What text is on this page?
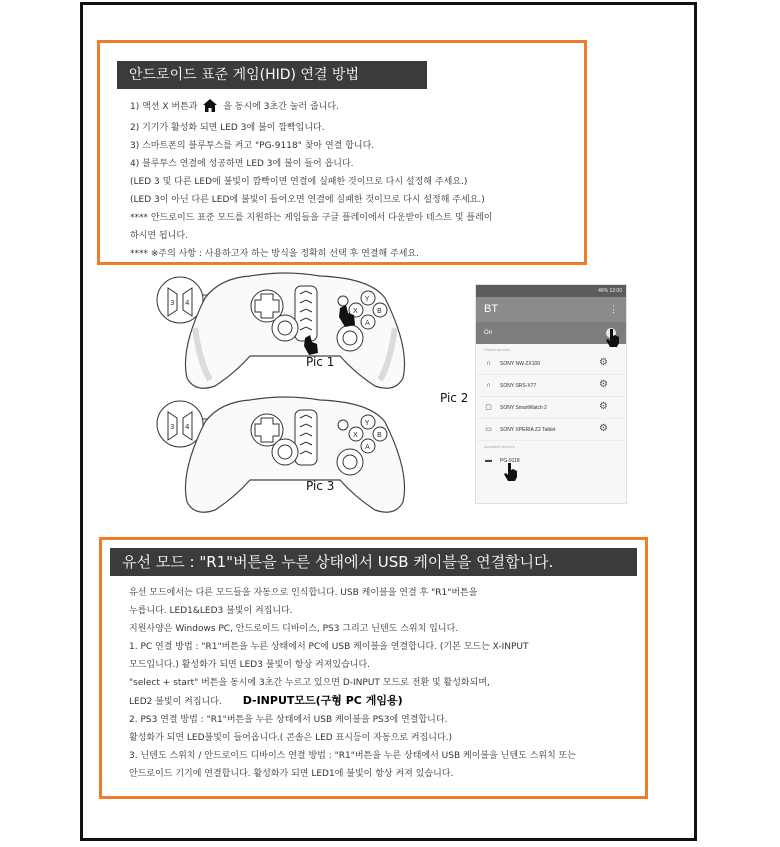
안드로이드 표준 게임(HID) 연결 방법
1) 액션 X 버튼과	을 동시에 3초간 눌러 줍니다.
2) 기기가 활성화 되면 LED 3에 불이 깜빡입니다.
3) 스마트폰의 블루투스를 켜고 "PG-9118" 찾아 연결 합니다.
4) 블루투스 연결에 성공하면 LED 3에 불이 들어 옵니다.
(LED 3 및 다른 LED에 불빛이 깜빡이면 연결에 실패한 것이므로 다시 설정해 주세요.)
(LED 3이 아닌 다른 LED에 불빛이 들어오면 연결에 실패한 것이므로 다시 설정해 주세요.)
**** 안드로이드 표준 모드를 지원하는 게임들을 구글 플레이에서 다운받아 테스트 및 플레이
하시면 됩니다.
**** ※주의 사항 : 사용하고자 하는 방식을 정확히 선택 후 연결해 주세요.
3 4	Y
X	B
A
Pic 1
3 4	Y
X	B
A
Pic 3
Pic 2
46% 12:00
BT	⋮
On
Paired devices
∩	SONY NW-ZX100	⚙
∩	SONY SRS-X77	⚙
▢ SONY SmartWatch 2	⚙
▭ SONY XPERIA Z2 Tablet	⚙
Available devices
▬ PG-9118
유선 모드 : "R1"버튼을 누른 상태에서 USB 케이블을 연결합니다.
유선 모드에서는 다른 모드들을 자동으로 인식합니다. USB 케이블을 연결 후 "R1"버튼을
누릅니다. LED1&LED3 불빛이 켜집니다.
지원사양은 Windows PC, 안드로이드 디바이스, PS3 그리고 닌텐도 스위치 입니다.
1. PC 연결 방법 : "R1"버튼을 누른 상태에서 PC에 USB 케이블을 연결합니다. (기본 모드는 X-INPUT
모드입니다.) 활성화가 되면 LED3 불빛이 항상 켜져있습니다.
"select + start" 버튼을 동시에 3초간 누르고 있으면 D-INPUT 모드로 전환 및 활성화되며,
LED2 불빛이 켜집니다. D-INPUT모드(구형 PC 게임용)
2. PS3 연결 방법 : "R1"버튼을 누른 상태에서 USB 케이블을 PS3에 연결합니다.
활성화가 되면 LED불빛이 들어옵니다.( 콘솔은 LED 표시등이 자동으로 켜집니다.)
3. 닌텐도 스위치 / 안드로이드 디바이스 연결 방법 : "R1"버튼을 누른 상태에서 USB 케이블을 닌텐도 스위치 또는
안드로이드 기기에 연결합니다. 활성화가 되면 LED1에 불빛이 항상 켜져 있습니다.
